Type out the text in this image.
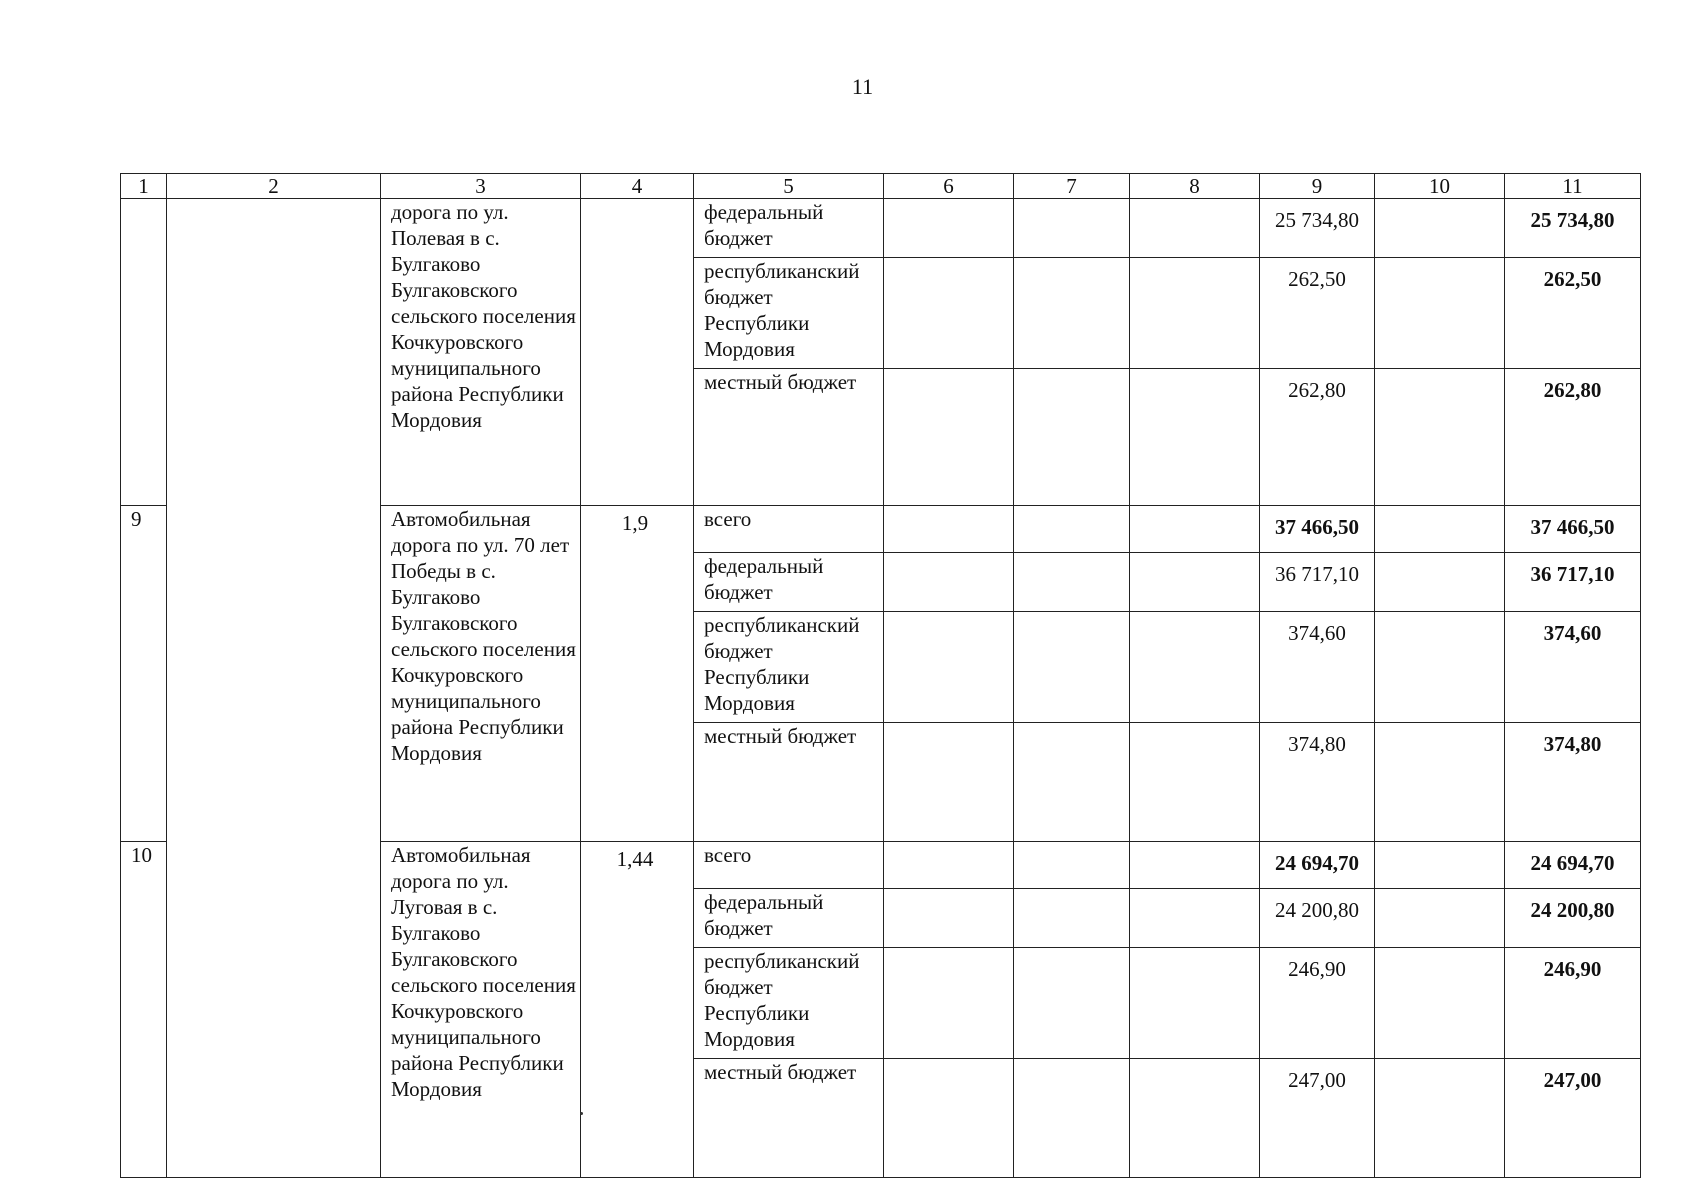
11
1	2	3	4	5	6	7	8	9	10	11
		дорога по ул. Полевая в с. Булгаково Булгаковского сельского поселения Кочкуровского муниципального района Республики Мордовия		федеральный бюджет				25 734,80		25 734,80
				республиканский бюджет Республики Мордовия				262,50		262,50
				местный бюджет				262,80		262,80
9		Автомобильная дорога по ул. 70 лет Победы в с. Булгаково Булгаковского сельского поселения Кочкуровского муниципального района Республики Мордовия	1,9	всего				37 466,50		37 466,50
				федеральный бюджет				36 717,10		36 717,10
				республиканский бюджет Республики Мордовия				374,60		374,60
				местный бюджет				374,80		374,80
10		Автомобильная дорога по ул. Луговая в с. Булгаково Булгаковского сельского поселения Кочкуровского муниципального района Республики Мордовия	1,44	всего				24 694,70		24 694,70
				федеральный бюджет				24 200,80		24 200,80
				республиканский бюджет Республики Мордовия				246,90		246,90
				местный бюджет				247,00		247,00
